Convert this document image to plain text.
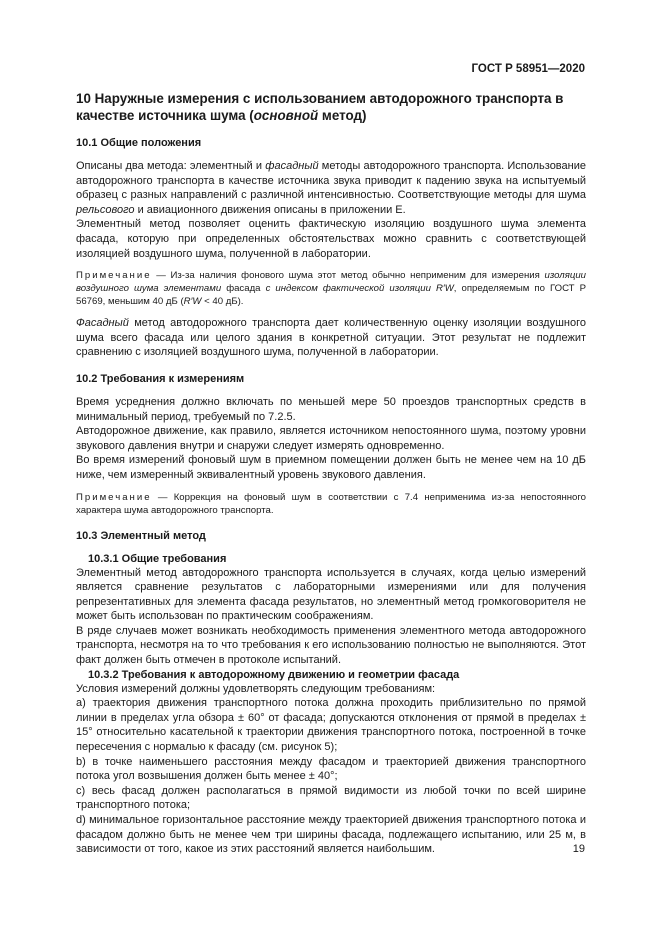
ГОСТ Р 58951—2020
10 Наружные измерения с использованием автодорожного транспорта в качестве источника шума (основной метод)
10.1 Общие положения

Описаны два метода: элементный и фасадный методы автодорожного транспорта. Использование автодорожного транспорта в качестве источника звука приводит к падению звука на испытуемый образец с разных направлений с различной интенсивностью. Соответствующие методы для шума рельсового и авиационного движения описаны в приложении Е.

Элементный метод позволяет оценить фактическую изоляцию воздушного шума элемента фасада, которую при определенных обстоятельствах можно сравнить с соответствующей изоляцией воздушного шума, полученной в лаборатории.

Примечание — Из-за наличия фонового шума этот метод обычно неприменим для измерения изоляции воздушного шума элементами фасада с индексом фактической изоляции R′W, определяемым по ГОСТ Р 56769, меньшим 40 дБ (R′W < 40 дБ).

Фасадный метод автодорожного транспорта дает количественную оценку изоляции воздушного шума всего фасада или целого здания в конкретной ситуации. Этот результат не подлежит сравнению с изоляцией воздушного шума, полученной в лаборатории.

10.2 Требования к измерениям

Время усреднения должно включать по меньшей мере 50 проездов транспортных средств в минимальный период, требуемый по 7.2.5.

Автодорожное движение, как правило, является источником непостоянного шума, поэтому уровни звукового давления внутри и снаружи следует измерять одновременно.

Во время измерений фоновый шум в приемном помещении должен быть не менее чем на 10 дБ ниже, чем измеренный эквивалентный уровень звукового давления.

Примечание — Коррекция на фоновый шум в соответствии с 7.4 неприменима из-за непостоянного характера шума автодорожного транспорта.

10.3 Элементный метод
10.3.1 Общие требования

Элементный метод автодорожного транспорта используется в случаях, когда целью измерений является сравнение результатов с лабораторными измерениями или для получения репрезентативных для элемента фасада результатов, но элементный метод громкоговорителя не может быть использован по практическим соображениям.

В ряде случаев может возникать необходимость применения элементного метода автодорожного транспорта, несмотря на то что требования к его использованию полностью не выполняются. Этот факт должен быть отмечен в протоколе испытаний.

10.3.2 Требования к автодорожному движению и геометрии фасада

Условия измерений должны удовлетворять следующим требованиям:

а) траектория движения транспортного потока должна проходить приблизительно по прямой линии в пределах угла обзора ± 60° от фасада; допускаются отклонения от прямой в пределах ± 15° относительно касательной к траектории движения транспортного потока, построенной в точке пересечения с нормалью к фасаду (см. рисунок 5);

b) в точке наименьшего расстояния между фасадом и траекторией движения транспортного потока угол возвышения должен быть менее ± 40°;

c) весь фасад должен располагаться в прямой видимости из любой точки по всей ширине транспортного потока;

d) минимальное горизонтальное расстояние между траекторией движения транспортного потока и фасадом должно быть не менее чем три ширины фасада, подлежащего испытанию, или 25 м, в зависимости от того, какое из этих расстояний является наибольшим.	19
